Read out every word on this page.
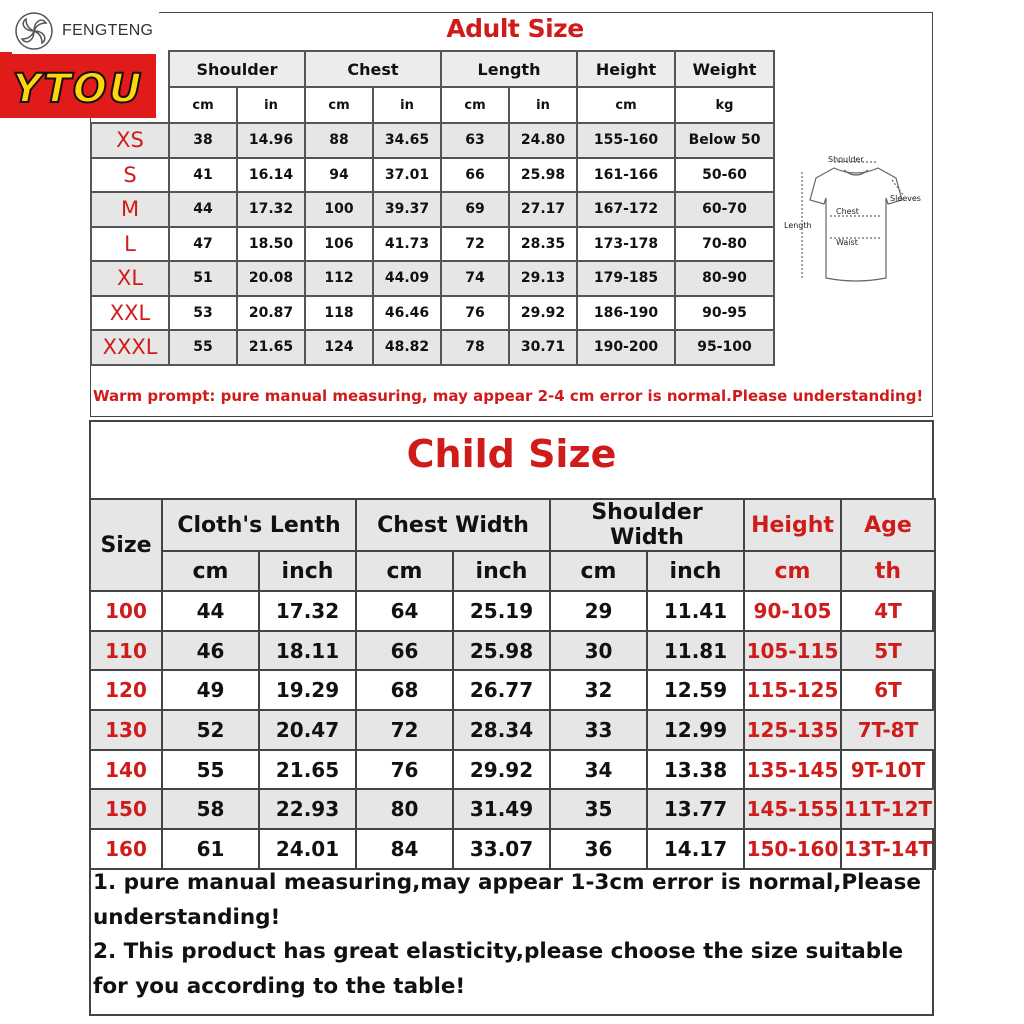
FENGTENG
YTOU
Adult Size
	Shoulder		Chest		Length		Height	Weight
	cm	in	cm	in	cm	in	cm	kg
XS	38	14.96	88	34.65	63	24.80	155-160	Below 50
S	41	16.14	94	37.01	66	25.98	161-166	50-60
M	44	17.32	100	39.37	69	27.17	167-172	60-70
L	47	18.50	106	41.73	72	28.35	173-178	70-80
XL	51	20.08	112	44.09	74	29.13	179-185	80-90
XXL	53	20.87	118	46.46	76	29.92	186-190	90-95
XXXL	55	21.65	124	48.82	78	30.71	190-200	95-100
Shoulder
Sleeves
Chest
Length
Waist
Warm prompt: pure manual measuring, may appear 2-4 cm error is normal.Please understanding!
Child Size
Size	Cloth's Lenth		Chest Width		Shoulder Width		Height	Age
	cm	inch	cm	inch	cm	inch	cm	th
100	44	17.32	64	25.19	29	11.41	90-105	4T
110	46	18.11	66	25.98	30	11.81	105-115	5T
120	49	19.29	68	26.77	32	12.59	115-125	6T
130	52	20.47	72	28.34	33	12.99	125-135	7T-8T
140	55	21.65	76	29.92	34	13.38	135-145	9T-10T
150	58	22.93	80	31.49	35	13.77	145-155	11T-12T
160	61	24.01	84	33.07	36	14.17	150-160	13T-14T

1. pure manual measuring,may appear 1-3cm error is normal,Please understanding!

2. This product has great elasticity,please choose the size suitable for you according to the table!
